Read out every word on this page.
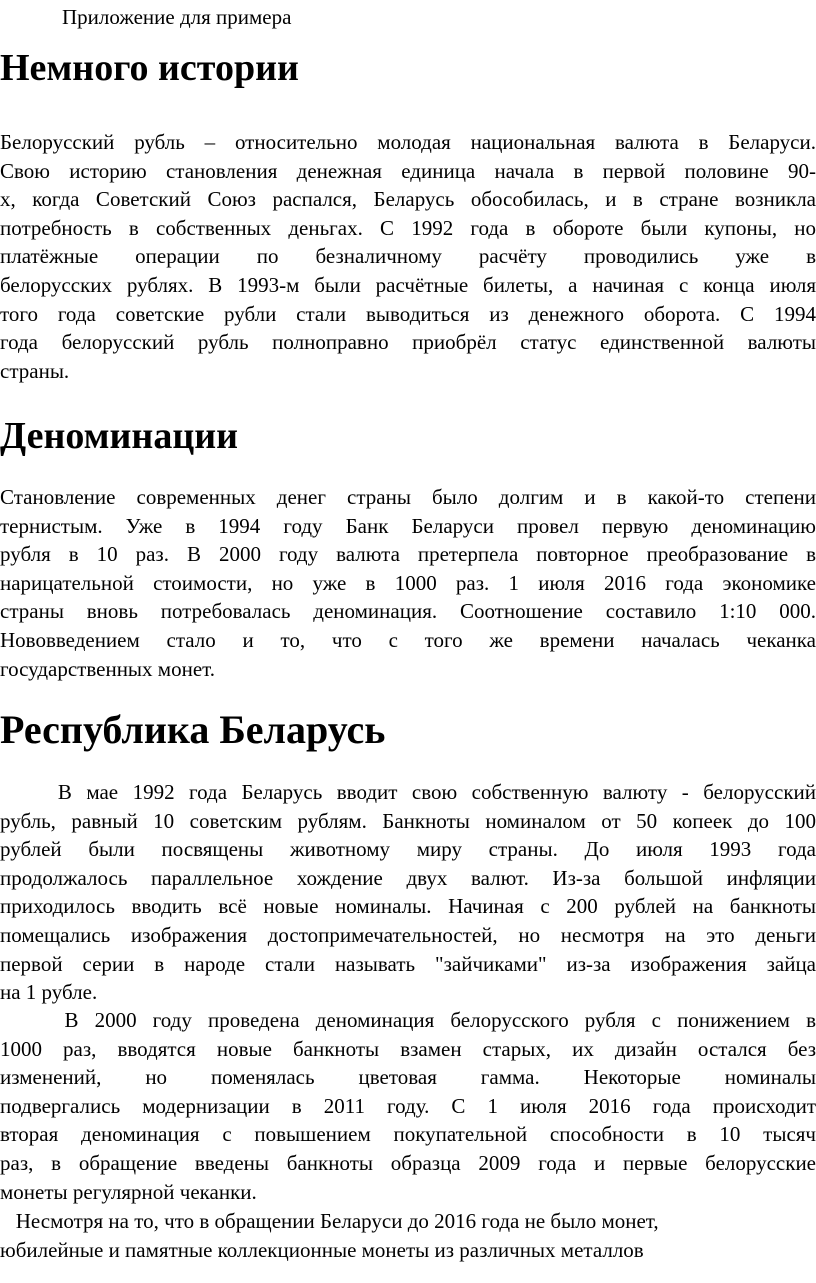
Приложение для примера
Немного истории
Белорусский рубль – относительно молодая национальная валюта в Беларуси.
Свою историю становления денежная единица начала в первой половине 90-
х, когда Советский Союз распался, Беларусь обособилась, и в стране возникла
потребность в собственных деньгах. С 1992 года в обороте были купоны, но
платёжные операции по безналичному расчёту проводились уже в
белорусских рублях. В 1993-м были расчётные билеты, а начиная с конца июля
того года советские рубли стали выводиться из денежного оборота. С 1994
года белорусский рубль полноправно приобрёл статус единственной валюты
страны.
Деноминации
Становление современных денег страны было долгим и в какой-то степени
тернистым. Уже в 1994 году Банк Беларуси провел первую деноминацию
рубля в 10 раз. В 2000 году валюта претерпела повторное преобразование в
нарицательной стоимости, но уже в 1000 раз. 1 июля 2016 года экономике
страны вновь потребовалась деноминация. Соотношение составило 1:10 000.
Нововведением стало и то, что с того же времени началась чеканка
государственных монет.
Республика Беларусь
В мае 1992 года Беларусь вводит свою собственную валюту - белорусский
рубль, равный 10 советским рублям. Банкноты номиналом от 50 копеек до 100
рублей были посвящены животному миру страны. До июля 1993 года
продолжалось параллельное хождение двух валют. Из-за большой инфляции
приходилось вводить всё новые номиналы. Начиная с 200 рублей на банкноты
помещались изображения достопримечательностей, но несмотря на это деньги
первой серии в народе стали называть "зайчиками" из-за изображения зайца
на 1 рубле.
В 2000 году проведена деноминация белорусского рубля с понижением в
1000 раз, вводятся новые банкноты взамен старых, их дизайн остался без
изменений, но поменялась цветовая гамма. Некоторые номиналы
подвергались модернизации в 2011 году. С 1 июля 2016 года происходит
вторая деноминация с повышением покупательной способности в 10 тысяч
раз, в обращение введены банкноты образца 2009 года и первые белорусские
монеты регулярной чеканки.
Несмотря на то, что в обращении Беларуси до 2016 года не было монет,
юбилейные и памятные коллекционные монеты из различных металлов
